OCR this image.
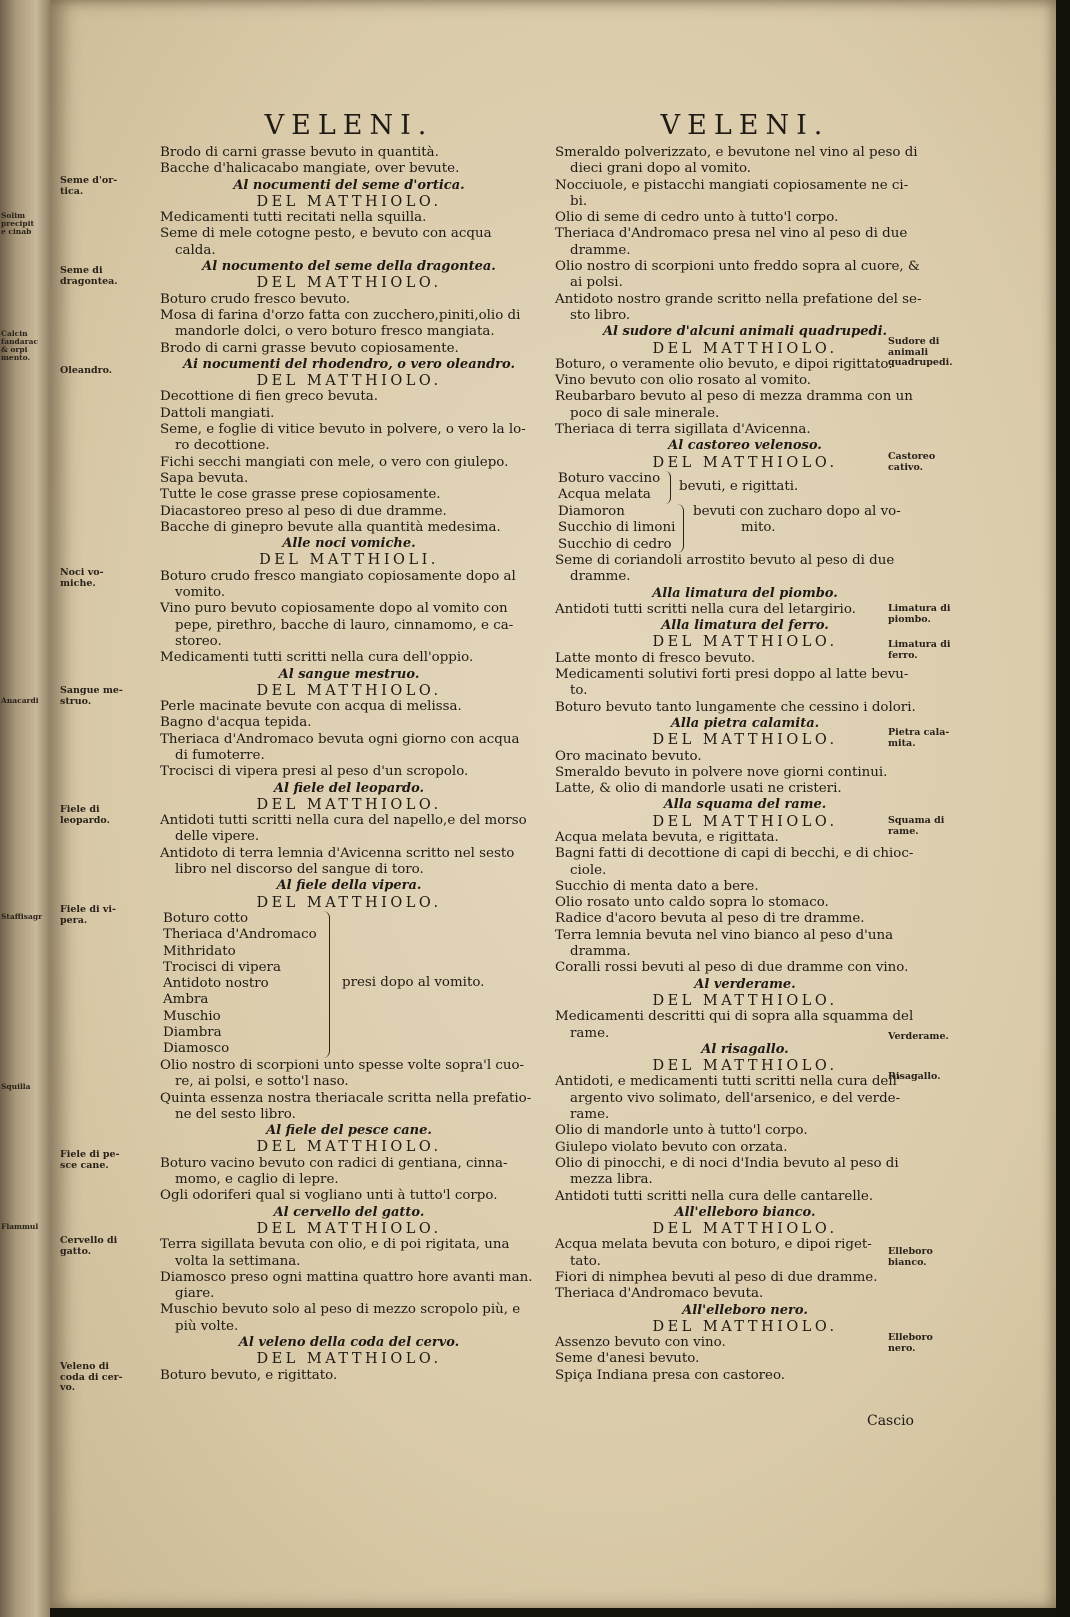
Solim
precipit
e cinab
Calcin
fandarac
& orpi
mento.
Anacardi
Staffisagr
Squilla
Flammul
VELENI.
Brodo di carni grasse bevuto in quantità.
Bacche d'halicacabo mangiate, over bevute.
Al nocumenti del seme d'ortica.
DEL MATTHIOLO.
Medicamenti tutti recitati nella squilla.
Seme di mele cotogne pesto, e bevuto con acqua
calda.
Al nocumento del seme della dragontea.
DEL MATTHIOLO.
Boturo crudo fresco bevuto.
Mosa di farina d'orzo fatta con zucchero,piniti,olio di
mandorle dolci, o vero boturo fresco mangiata.
Brodo di carni grasse bevuto copiosamente.
Ai nocumenti del rhodendro, o vero oleandro.
DEL MATTHIOLO.
Decottione di fien greco bevuta.
Dattoli mangiati.
Seme, e foglie di vitice bevuto in polvere, o vero la lo-
ro decottione.
Fichi secchi mangiati con mele, o vero con giulepo.
Sapa bevuta.
Tutte le cose grasse prese copiosamente.
Diacastoreo preso al peso di due dramme.
Bacche di ginepro bevute alla quantità medesima.
Alle noci vomiche.
DEL MATTHIOLI.
Boturo crudo fresco mangiato copiosamente dopo al
vomito.
Vino puro bevuto copiosamente dopo al vomito con
pepe, pirethro, bacche di lauro, cinnamomo, e ca-
storeo.
Medicamenti tutti scritti nella cura dell'oppio.
Al sangue mestruo.
DEL MATTHIOLO.
Perle macinate bevute con acqua di melissa.
Bagno d'acqua tepida.
Theriaca d'Andromaco bevuta ogni giorno con acqua
di fumoterre.
Trocisci di vipera presi al peso d'un scropolo.
Al fiele del leopardo.
DEL MATTHIOLO.
Antidoti tutti scritti nella cura del napello,e del morso
delle vipere.
Antidoto di terra lemnia d'Avicenna scritto nel sesto
libro nel discorso del sangue di toro.
Al fiele della vipera.
DEL MATTHIOLO.
Boturo cotto
Theriaca d'Andromaco
Mithridato
Trocisci di vipera
Antidoto nostro
Ambra
Muschio
Diambra
Diamosco
presi dopo al vomito.
Olio nostro di scorpioni unto spesse volte sopra'l cuo-
re, ai polsi, e sotto'l naso.
Quinta essenza nostra theriacale scritta nella prefatio-
ne del sesto libro.
Al fiele del pesce cane.
DEL MATTHIOLO.
Boturo vacino bevuto con radici di gentiana, cinna-
momo, e caglio di lepre.
Ogli odoriferi qual si vogliano unti à tutto'l corpo.
Al cervello del gatto.
DEL MATTHIOLO.
Terra sigillata bevuta con olio, e di poi rigitata, una
volta la settimana.
Diamosco preso ogni mattina quattro hore avanti man.
giare.
Muschio bevuto solo al peso di mezzo scropolo più, e
più volte.
Al veleno della coda del cervo.
DEL MATTHIOLO.
Boturo bevuto, e rigittato.
VELENI.
Smeraldo polverizzato, e bevutone nel vino al peso di
dieci grani dopo al vomito.
Nocciuole, e pistacchi mangiati copiosamente ne ci-
bi.
Olio di seme di cedro unto à tutto'l corpo.
Theriaca d'Andromaco presa nel vino al peso di due
dramme.
Olio nostro di scorpioni unto freddo sopra al cuore, &
ai polsi.
Antidoto nostro grande scritto nella prefatione del se-
sto libro.
Al sudore d'alcuni animali quadrupedi.
DEL MATTHIOLO.
Boturo, o veramente olio bevuto, e dipoi rigittato.
Vino bevuto con olio rosato al vomito.
Reubarbaro bevuto al peso di mezza dramma con un
poco di sale minerale.
Theriaca di terra sigillata d'Avicenna.
Al castoreo velenoso.
DEL MATTHIOLO.
Boturo vaccino
Acqua melata
bevuti, e rigittati.
Diamoron
Succhio di limoni
Succhio di cedro
bevuti con zucharo dopo al vo-
mito.
Seme di coriandoli arrostito bevuto al peso di due
dramme.
Alla limatura del piombo.
Antidoti tutti scritti nella cura del letargirio.
Alla limatura del ferro.
DEL MATTHIOLO.
Latte monto di fresco bevuto.
Medicamenti solutivi forti presi doppo al latte bevu-
to.
Boturo bevuto tanto lungamente che cessino i dolori.
Alla pietra calamita.
DEL MATTHIOLO.
Oro macinato bevuto.
Smeraldo bevuto in polvere nove giorni continui.
Latte, & olio di mandorle usati ne cristeri.
Alla squama del rame.
DEL MATTHIOLO.
Acqua melata bevuta, e rigittata.
Bagni fatti di decottione di capi di becchi, e di chioc-
ciole.
Succhio di menta dato a bere.
Olio rosato unto caldo sopra lo stomaco.
Radice d'acoro bevuta al peso di tre dramme.
Terra lemnia bevuta nel vino bianco al peso d'una
dramma.
Coralli rossi bevuti al peso di due dramme con vino.
Al verderame.
DEL MATTHIOLO.
Medicamenti descritti qui di sopra alla squamma del
rame.
Al risagallo.
DEL MATTHIOLO.
Antidoti, e medicamenti tutti scritti nella cura dell'
argento vivo solimato, dell'arsenico, e del verde-
rame.
Olio di mandorle unto à tutto'l corpo.
Giulepo violato bevuto con orzata.
Olio di pinocchi, e di noci d'India bevuto al peso di
mezza libra.
Antidoti tutti scritti nella cura delle cantarelle.
All'elleboro bianco.
DEL MATTHIOLO.
Acqua melata bevuta con boturo, e dipoi riget-
tato.
Fiori di nimphea bevuti al peso di due dramme.
Theriaca d'Andromaco bevuta.
All'elleboro nero.
DEL MATTHIOLO.
Assenzo bevuto con vino.
Seme d'anesi bevuto.
Spiça Indiana presa con castoreo.
Cascio
Seme d'or-
tica.
Seme di
dragontea.
Oleandro.
Noci vo-
miche.
Sangue me-
struo.
Fiele di
leopardo.
Fiele di vi-
pera.
Fiele di pe-
sce cane.
Cervello di
gatto.
Veleno di
coda di cer-
vo.
Sudore di
animali
quadrupedi.
Castoreo
cativo.
Limatura di
piombo.
Limatura di
ferro.
Pietra cala-
mita.
Squama di
rame.
Verderame.
Risagallo.
Elleboro
bianco.
Elleboro
nero.
